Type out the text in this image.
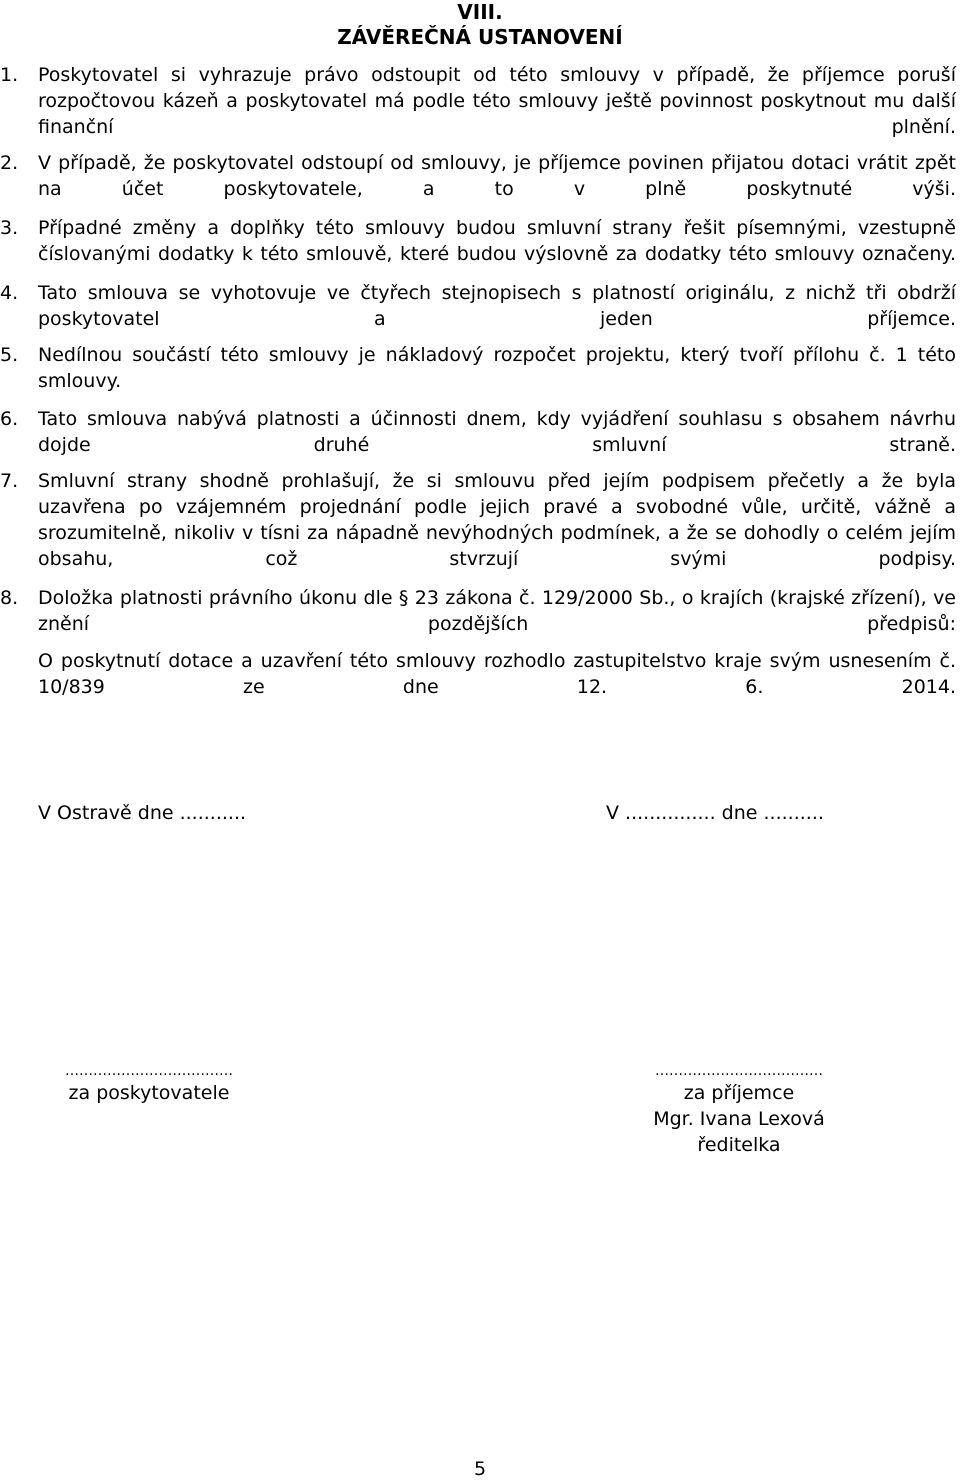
VIII.
ZÁVĚREČNÁ USTANOVENÍ
1. Poskytovatel si vyhrazuje právo odstoupit od této smlouvy v případě, že příjemce poruší rozpočtovou kázeň a poskytovatel má podle této smlouvy ještě povinnost poskytnout mu další finanční plnění.
2. V případě, že poskytovatel odstoupí od smlouvy, je příjemce povinen přijatou dotaci vrátit zpět na účet poskytovatele, a to v plně poskytnuté výši.
3. Případné změny a doplňky této smlouvy budou smluvní strany řešit písemnými, vzestupně číslovanými dodatky k této smlouvě, které budou výslovně za dodatky této smlouvy označeny.
4. Tato smlouva se vyhotovuje ve čtyřech stejnopisech s platností originálu, z nichž tři obdrží poskytovatel a jeden příjemce.
5. Nedílnou součástí této smlouvy je nákladový rozpočet projektu, který tvoří přílohu č. 1 této smlouvy.
6. Tato smlouva nabývá platnosti a účinnosti dnem, kdy vyjádření souhlasu s obsahem návrhu dojde druhé smluvní straně.
7. Smluvní strany shodně prohlašují, že si smlouvu před jejím podpisem přečetly a že byla uzavřena po vzájemném projednání podle jejich pravé a svobodné vůle, určitě, vážně a srozumitelně, nikoliv v tísni za nápadně nevýhodných podmínek, a že se dohodly o celém jejím obsahu, což stvrzují svými podpisy.
8. Doložka platnosti právního úkonu dle § 23 zákona č. 129/2000 Sb., o krajích (krajské zřízení), ve znění pozdějších předpisů:
O poskytnutí dotace a uzavření této smlouvy rozhodlo zastupitelstvo kraje svým usnesením č. 10/839 ze dne 12. 6. 2014.
V Ostravě dne ...........	V ............... dne ..........
………………………………
za poskytovatele
………………………………
za příjemce
Mgr. Ivana Lexová
ředitelka
5
